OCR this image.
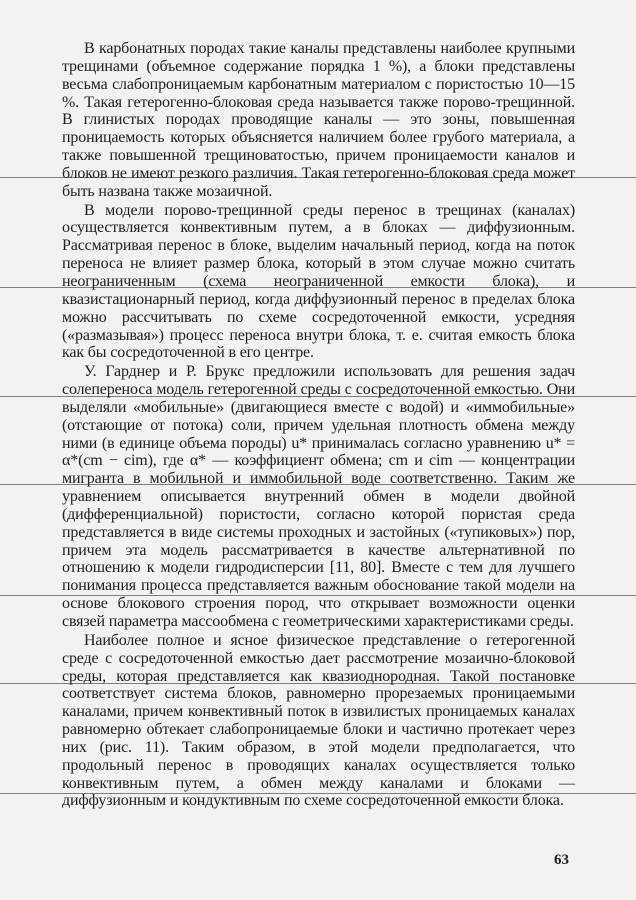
В карбонатных породах такие каналы представлены наиболее крупными трещинами (объемное содержание порядка 1 %), а блоки представлены весьма слабопроницаемым карбонатным материалом с пористостью 10—15 %. Такая гетерогенно-блоковая среда называется также порово-трещинной. В глинистых породах проводящие каналы — это зоны, повышенная проницаемость которых объясняется наличием более грубого материала, а также повышенной трещиноватостью, причем проницаемости каналов и блоков не имеют резкого различия. Такая гетерогенно-блоковая среда может быть названа также мозаичной.

В модели порово-трещинной среды перенос в трещинах (каналах) осуществляется конвективным путем, а в блоках — диффузионным. Рассматривая перенос в блоке, выделим начальный период, когда на поток переноса не влияет размер блока, который в этом случае можно считать неограниченным (схема неограниченной емкости блока), и квазистационарный период, когда диффузионный перенос в пределах блока можно рассчитывать по схеме сосредоточенной емкости, усредняя («размазывая») процесс переноса внутри блока, т. е. считая емкость блока как бы сосредоточенной в его центре.

У. Гарднер и Р. Брукс предложили использовать для решения задач солепереноса модель гетерогенной среды с сосредоточенной емкостью. Они выделяли «мобильные» (двигающиеся вместе с водой) и «иммобильные» (отстающие от потока) соли, причем удельная плотность обмена между ними (в единице объема породы) u* принималась согласно уравнению u* = α*(cm − cim), где α* — коэффициент обмена; cm и cim — концентрации мигранта в мобильной и иммобильной воде соответственно. Таким же уравнением описывается внутренний обмен в модели двойной (дифференциальной) пористости, согласно которой пористая среда представляется в виде системы проходных и застойных («тупиковых») пор, причем эта модель рассматривается в качестве альтернативной по отношению к модели гидродисперсии [11, 80]. Вместе с тем для лучшего понимания процесса представляется важным обоснование такой модели на основе блокового строения пород, что открывает возможности оценки связей параметра массообмена с геометрическими характеристиками среды.

Наиболее полное и ясное физическое представление о гетерогенной среде с сосредоточенной емкостью дает рассмотрение мозаично-блоковой среды, которая представляется как квазиоднородная. Такой постановке соответствует система блоков, равномерно прорезаемых проницаемыми каналами, причем конвективный поток в извилистых проницаемых каналах равномерно обтекает слабопроницаемые блоки и частично протекает через них (рис. 11). Таким образом, в этой модели предполагается, что продольный перенос в проводящих каналах осуществляется только конвективным путем, а обмен между каналами и блоками — диффузионным и кондуктивным по схеме сосредоточенной емкости блока.

63
